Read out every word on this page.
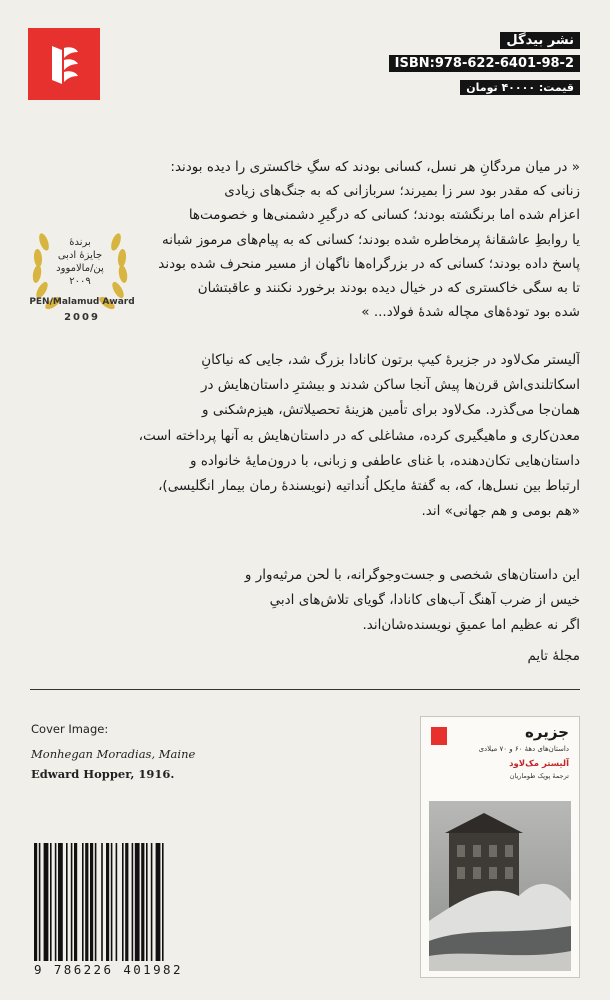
نشر بیدگل
ISBN:978-622-6401-98-2
قیمت: ۴۰۰۰۰ تومان
برندۀ
جایزۀ ادبی
پن/مالاموود
۲۰۰۹
PEN/Malamud Award
2009
« در میان مردگانِ هر نسل، کسانی بودند که سگِ خاکستری را دیده بودند:
زنانی که مقدر بود سر زا بمیرند؛ سربازانی که به جنگ‌های زیادی
اعزام شده اما برنگشته بودند؛ کسانی که درگیرِ دشمنی‌ها و خصومت‌ها
یا روابطِ عاشقانۀ پرمخاطره شده بودند؛ کسانی که به پیام‌های مرموز شبانه
پاسخ داده بودند؛ کسانی که در بزرگراه‌ها ناگهان از مسیر منحرف شده بودند
تا به سگی خاکستری که در خیال دیده بودند برخورد نکنند و عاقبتشان
شده بود تودۀ‌های مچاله شدۀ فولاد... »
آلیستر مک‌لاود در جزیرۀ کیپ برتون کانادا بزرگ شد، جایی که نیاکانِ
اسکاتلندی‌اش قرن‌ها پیش آنجا ساکن شدند و بیشترِ داستان‌هایش در
همان‌جا می‌گذرد. مک‌لاود برای تأمین هزینۀ تحصیلاتش، هیزم‌شکنی و
معدن‌کاری و ماهیگیری کرده، مشاغلی که در داستان‌هایش به آنها پرداخته است،
داستان‌هایی تکان‌دهنده، با غنای عاطفی و زبانی، با درون‌مایۀ خانواده و
ارتباط بین نسل‌ها، که، به گفتۀ مایکل اُنداتیه (نویسندۀ رمان بیمار انگلیسی)،
«هم بومی و هم جهانی» اند.
این داستان‌های شخصی و جست‌وجوگرانه، با لحن مرثیه‌وار و
خیس از ضرب آهنگ آب‌های کانادا، گویای تلاش‌های ادبیِ
اگر نه عظیم اما عمیقِ نویسنده‌شان‌اند.
مجلۀ تایم
Cover Image:
Monhegan Moradias, Maine
Edward Hopper, 1916.
9 786226 401982
جزیره
داستان‌های دهۀ ۶۰ و ۷۰ میلادی
آلیستر مک‌لاود
ترجمۀ پوپک طوماریان
